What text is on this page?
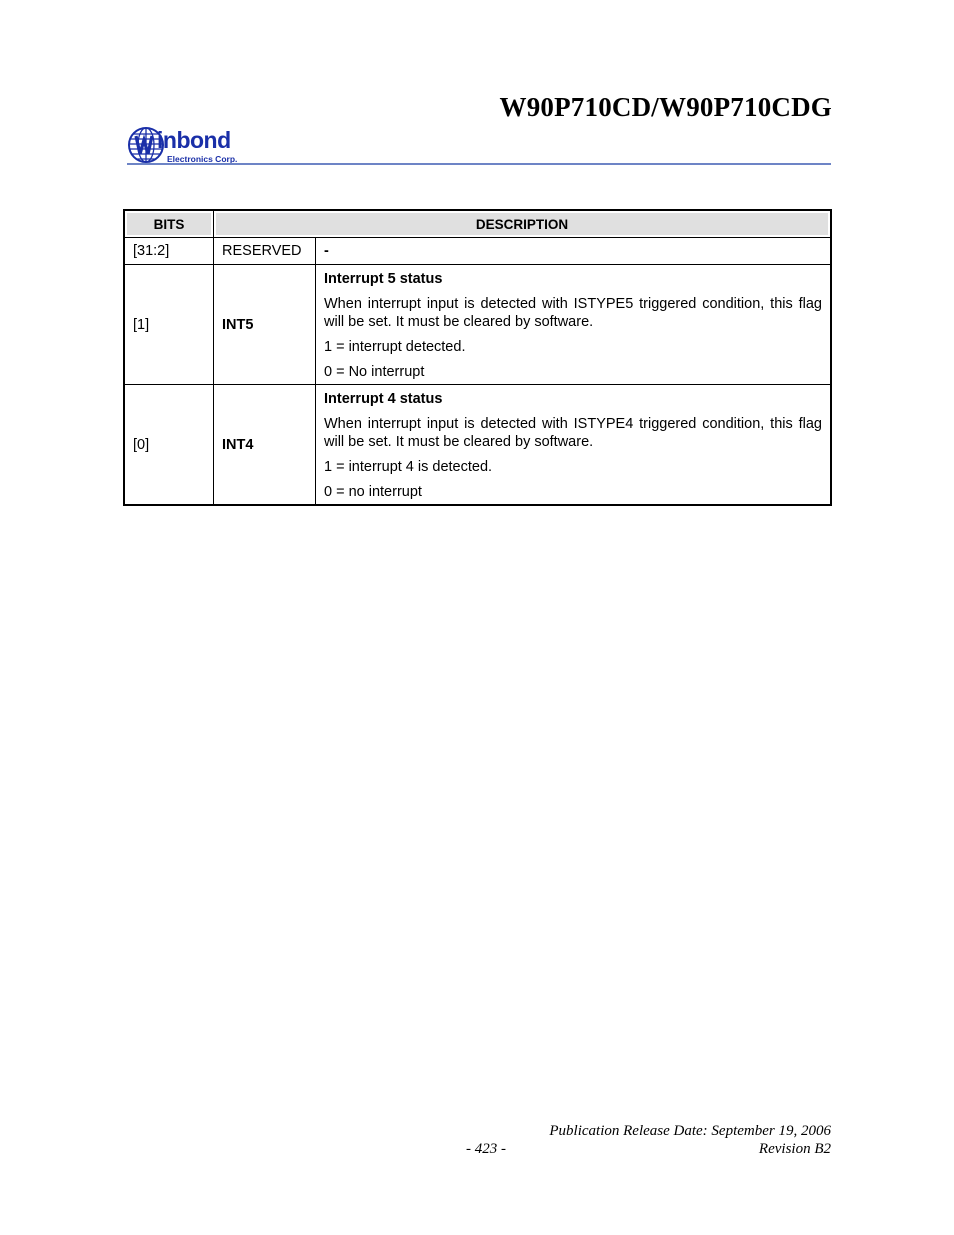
W90P710CD/W90P710CDG
inbond
Electronics Corp.
BITS	DESCRIPTION	
[31:2]	RESERVED	-
[1]	INT5	Interrupt 5 status

When interrupt input is detected with ISTYPE5 triggered condition, this flag will be set. It must be cleared by software.

1 = interrupt detected.

0 = No interrupt

[0]	INT4	Interrupt 4 status

When interrupt input is detected with ISTYPE4 triggered condition, this flag will be set. It must be cleared by software.

1 = interrupt 4 is detected.

0 = no interrupt

Publication Release Date: September 19, 2006
Revision B2
- 423 -
